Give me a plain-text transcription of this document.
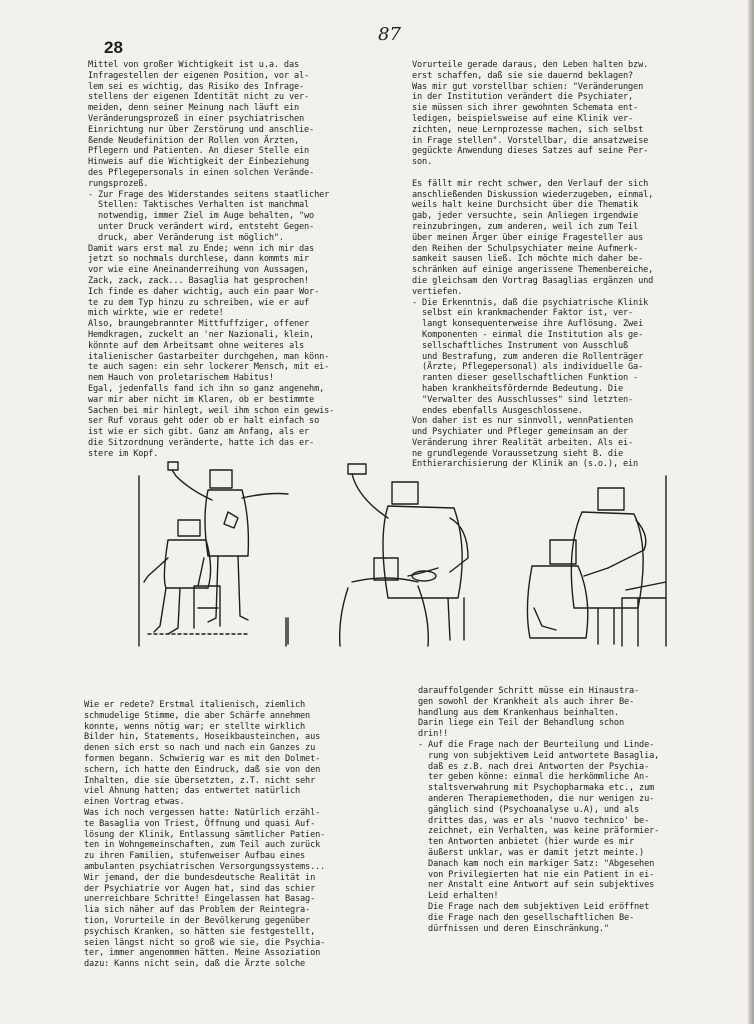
28
87
Mittel von großer Wichtigkeit ist u.a. das
Infragestellen der eigenen Position, vor al-
lem sei es wichtig, das Risiko des Infrage-
stellens der eigenen Identität nicht zu ver-
meiden, denn seiner Meinung nach läuft ein
Veränderungsprozeß in einer psychiatrischen
Einrichtung nur über Zerstörung und anschlie-
ßende Neudefinition der Rollen von Ärzten,
Pflegern und Patienten. An dieser Stelle ein
Hinweis auf die Wichtigkeit der Einbeziehung
des Pflegepersonals in einen solchen Verände-
rungsprozeß.
- Zur Frage des Widerstandes seitens staatlicher
Stellen: Taktisches Verhalten ist manchmal
notwendig, immer Ziel im Auge behalten, "wo
unter Druck verändert wird, entsteht Gegen-
druck, aber Veränderung ist möglich".
Damit wars erst mal zu Ende; wenn ich mir das
jetzt so nochmals durchlese, dann kommts mir
vor wie eine Aneinanderreihung von Aussagen,
Zack, zack, zack... Basaglia hat gesprochen!
Ich finde es daher wichtig, auch ein paar Wor-
te zu dem Typ hinzu zu schreiben, wie er auf
mich wirkte, wie er redete!
Also, braungebrannter Mittfuffziger, offener
Hemdkragen, zuckelt an 'ner Nazionali, klein,
könnte auf dem Arbeitsamt ohne weiteres als
italienischer Gastarbeiter durchgehen, man könn-
te auch sagen: ein sehr lockerer Mensch, mit ei-
nem Hauch von proletarischem Habitus!
Egal, jedenfalls fand ich ihn so ganz angenehm,
war mir aber nicht im Klaren, ob er bestimmte
Sachen bei mir hinlegt, weil ihm schon ein gewis-
ser Ruf voraus geht oder ob er halt einfach so
ist wie er sich gibt. Ganz am Anfang, als er
die Sitzordnung veränderte, hatte ich das er-
stere im Kopf.
Vorurteile gerade daraus, den Leben halten bzw.
erst schaffen, daß sie sie dauernd beklagen?
Was mir gut vorstellbar schien: "Veränderungen
in der Institution verändert die Psychiater,
sie müssen sich ihrer gewohnten Schemata ent-
ledigen, beispielsweise auf eine Klinik ver-
zichten, neue Lernprozesse machen, sich selbst
in Frage stellen". Vorstellbar, die ansatzweise
gegückte Anwendung dieses Satzes auf seine Per-
son.

Es fällt mir recht schwer, den Verlauf der sich
anschließenden Diskussion wiederzugeben, einmal,
weils halt keine Durchsicht über die Thematik
gab, jeder versuchte, sein Anliegen irgendwie
reinzubringen, zum anderen, weil ich zum Teil
über meinen Ärger über einige Fragesteller aus
den Reihen der Schulpsychiater meine Aufmerk-
samkeit sausen ließ. Ich möchte mich daher be-
schränken auf einige angerissene Themenbereiche,
die gleichsam den Vortrag Basaglias ergänzen und
vertiefen.
- Die Erkenntnis, daß die psychiatrische Klinik
selbst ein krankmachender Faktor ist, ver-
langt konsequenterweise ihre Auflösung. Zwei
Komponenten - einmal die Institution als ge-
sellschaftliches Instrument von Ausschluß
und Bestrafung, zum anderen die Rollenträger
(Ärzte, Pflegepersonal) als individuelle Ga-
ranten dieser gesellschaftlichen Funktion -
haben krankheitsfördernde Bedeutung. Die
"Verwalter des Ausschlusses" sind letzten-
endes ebenfalls Ausgeschlossene.
Von daher ist es nur sinnvoll, wennPatienten
und Psychiater und Pfleger gemeinsam an der
Veränderung ihrer Realität arbeiten. Als ei-
ne grundlegende Voraussetzung sieht B. die
Enthierarchisierung der Klinik an (s.o.), ein
Wie er redete? Erstmal italienisch, ziemlich
schmudelige Stimme, die aber Schärfe annehmen
konnte, wenns nötig war; er stellte wirklich
Bilder hin, Statements, Hoseikbausteinchen, aus
denen sich erst so nach und nach ein Ganzes zu
formen begann. Schwierig war es mit den Dolmet-
schern, ich hatte den Eindruck, daß sie von den
Inhalten, die sie übersetzten, z.T. nicht sehr
viel Ahnung hatten; das entwertet natürlich
einen Vortrag etwas.
Was ich noch vergessen hatte: Natürlich erzähl-
te Basaglia von Triest, Öffnung und quasi Auf-
lösung der Klinik, Entlassung sämtlicher Patien-
ten in Wohngemeinschaften, zum Teil auch zurück
zu ihren Familien, stufenweiser Aufbau eines
ambulanten psychiatrischen Versorgungssystems...
Wir jemand, der die bundesdeutsche Realität in
der Psychiatrie vor Augen hat, sind das schier
unerreichbare Schritte! Eingelassen hat Basag-
lia sich näher auf das Problem der Reintegra-
tion, Vorurteile in der Bevölkerung gegenüber
psychisch Kranken, so hätten sie festgestellt,
seien längst nicht so groß wie sie, die Psychia-
ter, immer angenommen hätten. Meine Assoziation
dazu: Kanns nicht sein, daß die Ärzte solche
darauffolgender Schritt müsse ein Hinaustra-
gen sowohl der Krankheit als auch ihrer Be-
handlung aus dem Krankenhaus beinhalten.
Darin liege ein Teil der Behandlung schon
drin!!
- Auf die Frage nach der Beurteilung und Linde-
rung von subjektivem Leid antwortete Basaglia,
daß es z.B. nach drei Antworten der Psychia-
ter geben könne: einmal die herkömmliche An-
staltsverwahrung mit Psychopharmaka etc., zum
anderen Therapiemethoden, die nur wenigen zu-
gänglich sind (Psychoanalyse u.A), und als
drittes das, was er als 'nuovo technico' be-
zeichnet, ein Verhalten, was keine präformier-
ten Antworten anbietet (hier wurde es mir
äußerst unklar, was er damit jetzt meinte.)
Danach kam noch ein markiger Satz: "Abgesehen
von Privilegierten hat nie ein Patient in ei-
ner Anstalt eine Antwort auf sein subjektives
Leid erhalten!
Die Frage nach dem subjektiven Leid eröffnet
die Frage nach den gesellschaftlichen Be-
dürfnissen und deren Einschränkung."
